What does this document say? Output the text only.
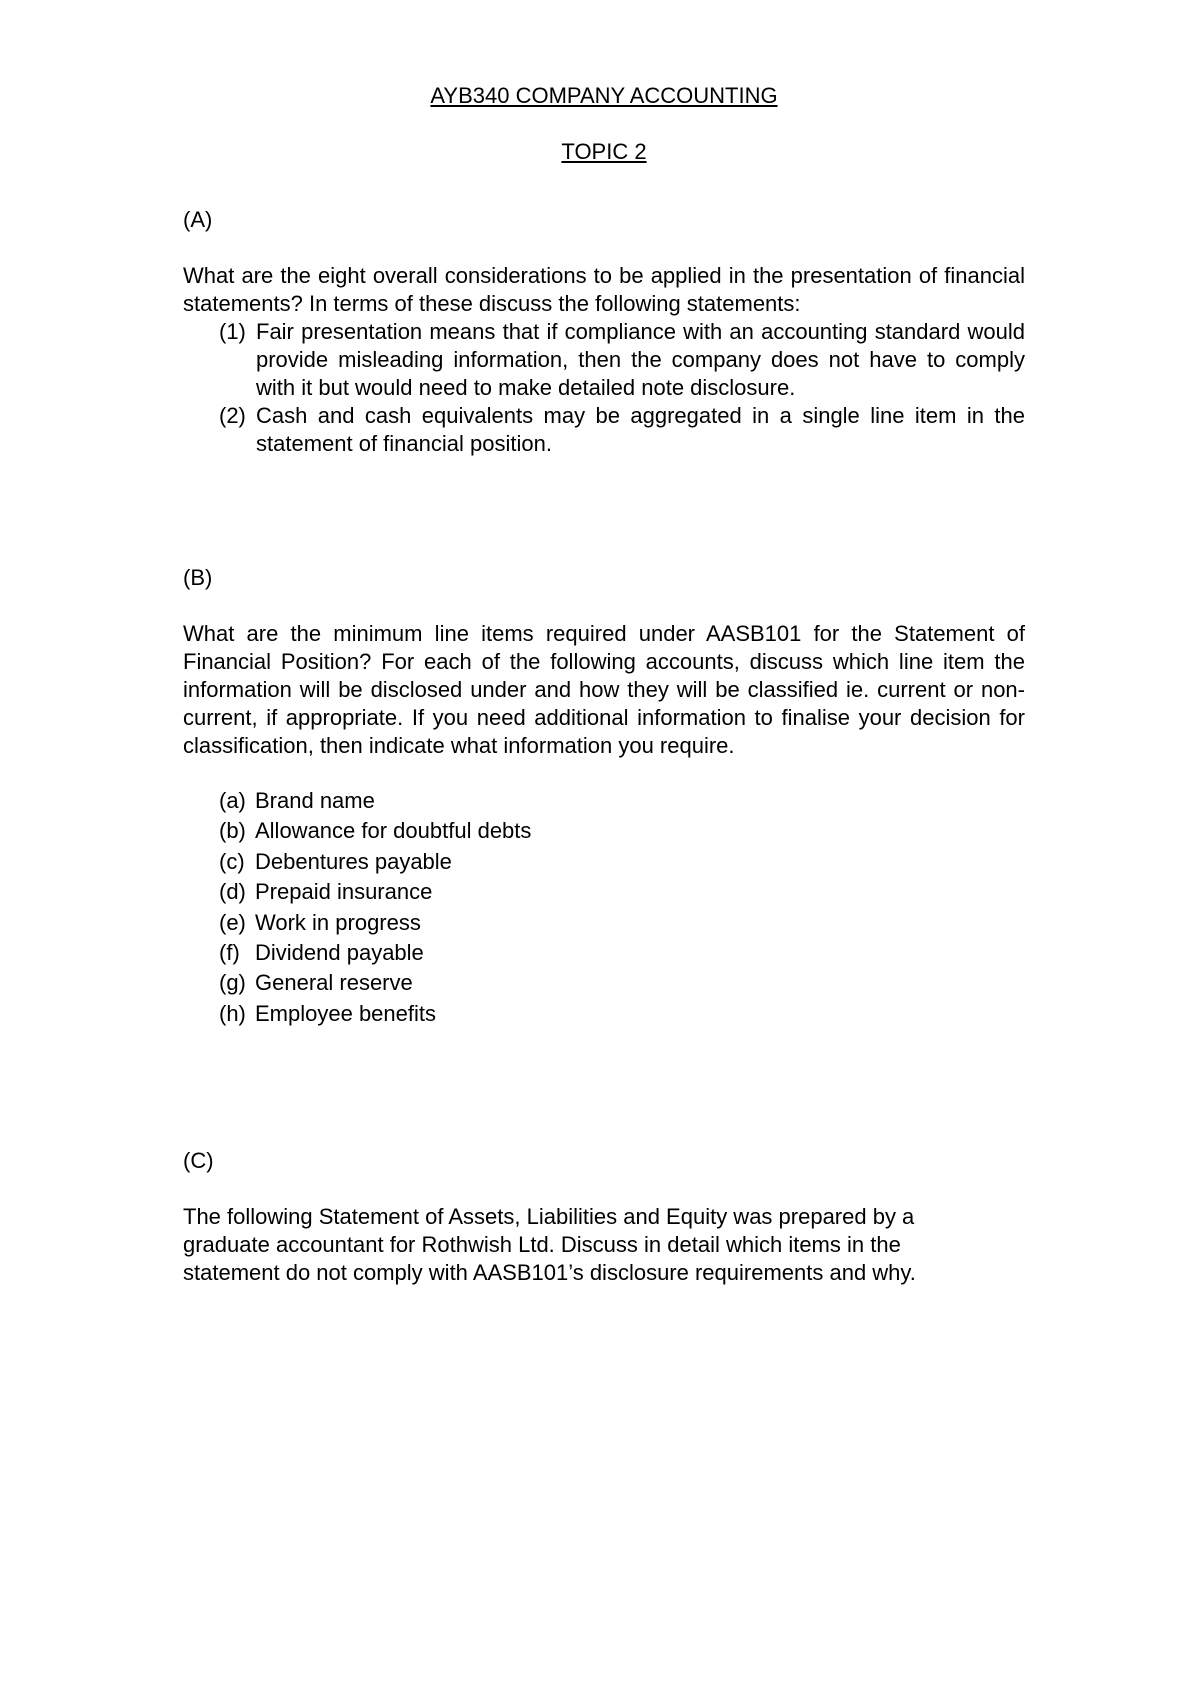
AYB340 COMPANY ACCOUNTING
TOPIC 2
(A)

What are the eight overall considerations to be applied in the presentation of financial statements? In terms of these discuss the following statements:

(1) Fair presentation means that if compliance with an accounting standard would provide misleading information, then the company does not have to comply with it but would need to make detailed note disclosure.
(2) Cash and cash equivalents may be aggregated in a single line item in the statement of financial position.
(B)

What are the minimum line items required under AASB101 for the Statement of Financial Position? For each of the following accounts, discuss which line item the information will be disclosed under and how they will be classified ie. current or non-current, if appropriate. If you need additional information to finalise your decision for classification, then indicate what information you require.

(a) Brand name
(b) Allowance for doubtful debts
(c) Debentures payable
(d) Prepaid insurance
(e) Work in progress
(f) Dividend payable
(g) General reserve
(h) Employee benefits
(C)

The following Statement of Assets, Liabilities and Equity was prepared by a graduate accountant for Rothwish Ltd. Discuss in detail which items in the statement do not comply with AASB101’s disclosure requirements and why.
